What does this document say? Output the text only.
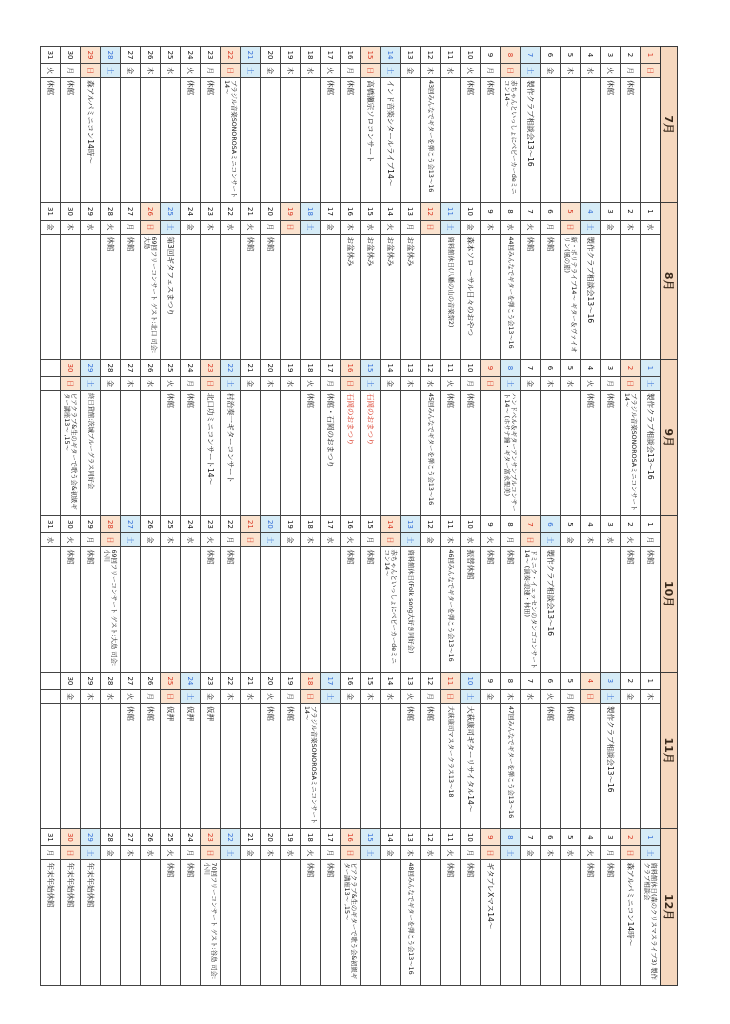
7月			8月			9月			10月			11月			12月		
1	日		1	水		1	土	製作クラブ相談会13～16	1	月	休館	1	木		1	土	資料館休日(森のクリスマスライブ3) 製作クラブ相談会
2	月	休館	2	木		2	日	ブラジル音楽SONOROSAミニコンサート14～	2	火	休館	2	金		2	日	森アルパミニコン14時～
3	火	休館	3	金		3	月	休館	3	水		3	土	製作クラブ相談会13～16	3	月	休館
4	水		4	土	製作クラブ相談会13～16	4	火	休館	4	木		4	日		4	火	休館
5	木		5	日	新・ポリテライブ14～ ギター＆ヴァイオリン(風の旅)	5	水		5	金		5	月	休館	5	水	
6	金		6	月	休館	6	木		6	土	製作クラブ相談会13～16	6	火	休館	6	木	
7	土	製作クラブ相談会13～16	7	火	休館	7	金		7	日	ドミニク・イェッセンのタンゴコンサート14～ (演奏:浪速・林田)	7	水		7	金	
8	日	赤ちゃんといっしょにべビーカーdeミニコン14～	8	水	44回みんなでギターを弾こう会13～16	8	土	ハンドベル＆ギターアンサンブルコンサート14～ (ホサナ鐘・ギター富永聖美)	8	月	休館	8	木	47回みんなでギターを弾こう会13～16	8	土	
9	月	休館	9	木		9	日		9	火	休館	9	金		9	日	ギタプレXマス14～
10	火	休館	10	金	森本ソロ ～サル日々のおやつ	10	月	休館	10	水	振替休館	10	土	大萩康司ギターリサイタル14～	10	月	休館
11	水		11	土	資料館休日(八幡の山の音楽祭2)	11	火	休館	11	木	46回みんなでギターを弾こう会13～16	11	日	大萩康司マスタークラス13～18	11	火	休館
12	木	43回みんなでギターを弾こう会13～16	12	日		12	水	45回みんなでギターを弾こう会13～16	12	金		12	月	休館	12	水	
13	金		13	月	お盆休み	13	木		13	土	資料館休日(Folk song大好き同好会)	13	火	休館	13	木	48回みんなでギターを弾こう会13～16
14	土	インド音楽シタールライブ14～	14	火	お盆休み	14	金		14	日	赤ちゃんといっしょにべビーカーdeミニコン14～	14	水		14	金	
15	日	高橋瀬宗ソロコンサート	15	水	お盆休み	15	土	石岡のおまつり	15	月	休館	15	木		15	土	
16	月	休館	16	木	お盆休み	16	日	石岡のおまつり	16	火	休館	16	金		16	日	ピアクラブ&生のギターで歌う会&初級ギター講座13～ ,15～
17	火	休館	17	金		17	月	休館・石岡のおまつり	17	水		17	土		17	月	休館
18	水		18	土		18	火	休館	18	木		18	日	ブラジル音楽SONOROSAミニコンサート14～	18	火	休館
19	木		19	日		19	水		19	金		19	月	休館	19	水	
20	金		20	月	休館	20	木		20	土		20	火	休館	20	木	
21	土		21	火	休館	21	金		21	日		21	水		21	金	
22	日	ブラジル音楽SONOROSAミニコンサート14～	22	水		22	土	村治奏一ギターコンサート	22	月	休館	22	木		22	土	
23	月	休館	23	木		23	日	北口功ミニコンサート14～	23	火	休館	23	金	仮押	23	日	70回フリーコンサート ゲスト:谷島 司会:小川
24	火	休館	24	金		24	月	休館	24	水		24	土	仮押	24	月	休館
25	水		25	土	第3回ギタフェスまつり	25	火	休館	25	木		25	日	仮押	25	火	休館
26	木		26	日	69回フリーコンサート ゲスト:北口 司会:大島	26	水		26	金		26	月	休館	26	水	
27	金		27	月	休館	27	木		27	土		27	火	休館	27	木	
28	土		28	火	休館	28	金		28	日	69回フリーコンサート ゲスト:大島 司会:小川	28	水		28	金	
29	日	森アルパミニコン14時～	29	水		29	土	終日貸館:茨城ブルーグラス同好会	29	月	休館	29	木		29	土	年末年始休館
30	月	休館	30	木		30	日	ピアクラブ&生のギターで歌う会&初級ギター講座13～ ,15～	30	火	休館	30	金		30	日	年末年始休館
31	火	休館	31	金					31	水					31	月	年末年始休館
